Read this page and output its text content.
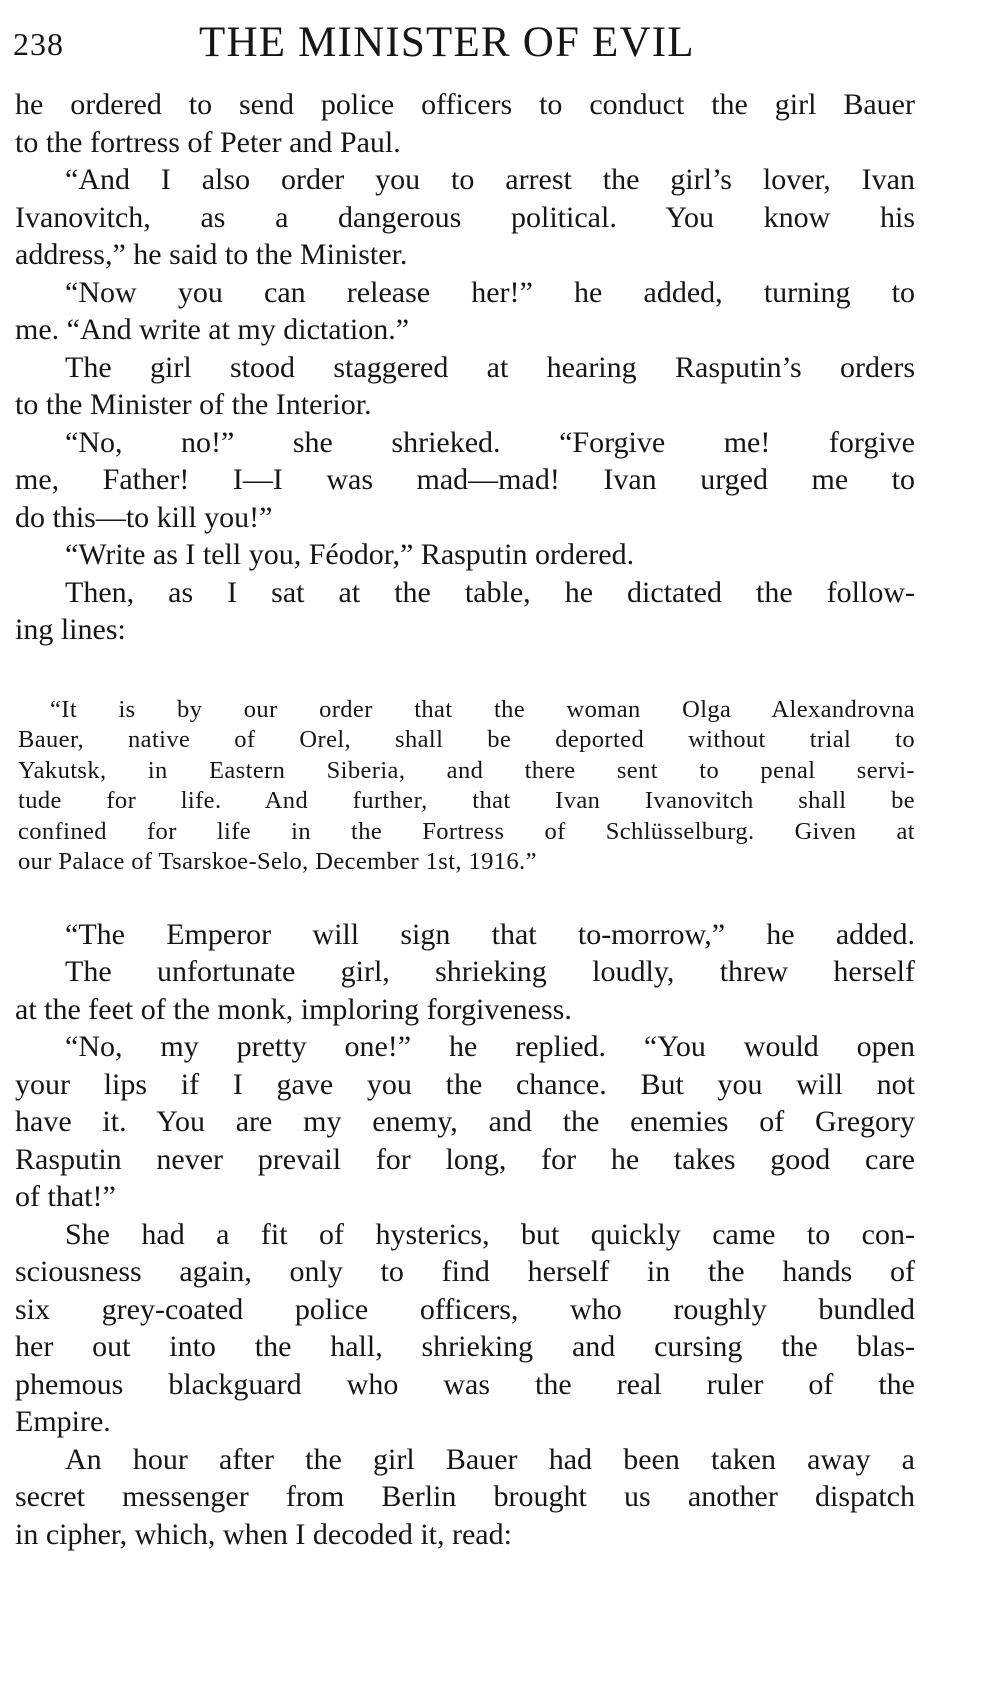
238	THE MINISTER OF EVIL
he ordered to send police officers to conduct the girl Bauer
to the fortress of Peter and Paul.
“And I also order you to arrest the girl’s lover, Ivan
Ivanovitch, as a dangerous political. You know his
address,” he said to the Minister.
“Now you can release her!” he added, turning to
me. “And write at my dictation.”
The girl stood staggered at hearing Rasputin’s orders
to the Minister of the Interior.
“No, no!” she shrieked. “Forgive me! forgive
me, Father! I—I was mad—mad! Ivan urged me to
do this—to kill you!”
“Write as I tell you, Féodor,” Rasputin ordered.
Then, as I sat at the table, he dictated the follow-
ing lines:
“It is by our order that the woman Olga Alexandrovna
Bauer, native of Orel, shall be deported without trial to
Yakutsk, in Eastern Siberia, and there sent to penal servi-
tude for life. And further, that Ivan Ivanovitch shall be
confined for life in the Fortress of Schlüsselburg. Given at
our Palace of Tsarskoe-Selo, December 1st, 1916.”
“The Emperor will sign that to-morrow,” he added.
The unfortunate girl, shrieking loudly, threw herself
at the feet of the monk, imploring forgiveness.
“No, my pretty one!” he replied. “You would open
your lips if I gave you the chance. But you will not
have it. You are my enemy, and the enemies of Gregory
Rasputin never prevail for long, for he takes good care
of that!”
She had a fit of hysterics, but quickly came to con-
sciousness again, only to find herself in the hands of
six grey-coated police officers, who roughly bundled
her out into the hall, shrieking and cursing the blas-
phemous blackguard who was the real ruler of the
Empire.
An hour after the girl Bauer had been taken away a
secret messenger from Berlin brought us another dispatch
in cipher, which, when I decoded it, read:
